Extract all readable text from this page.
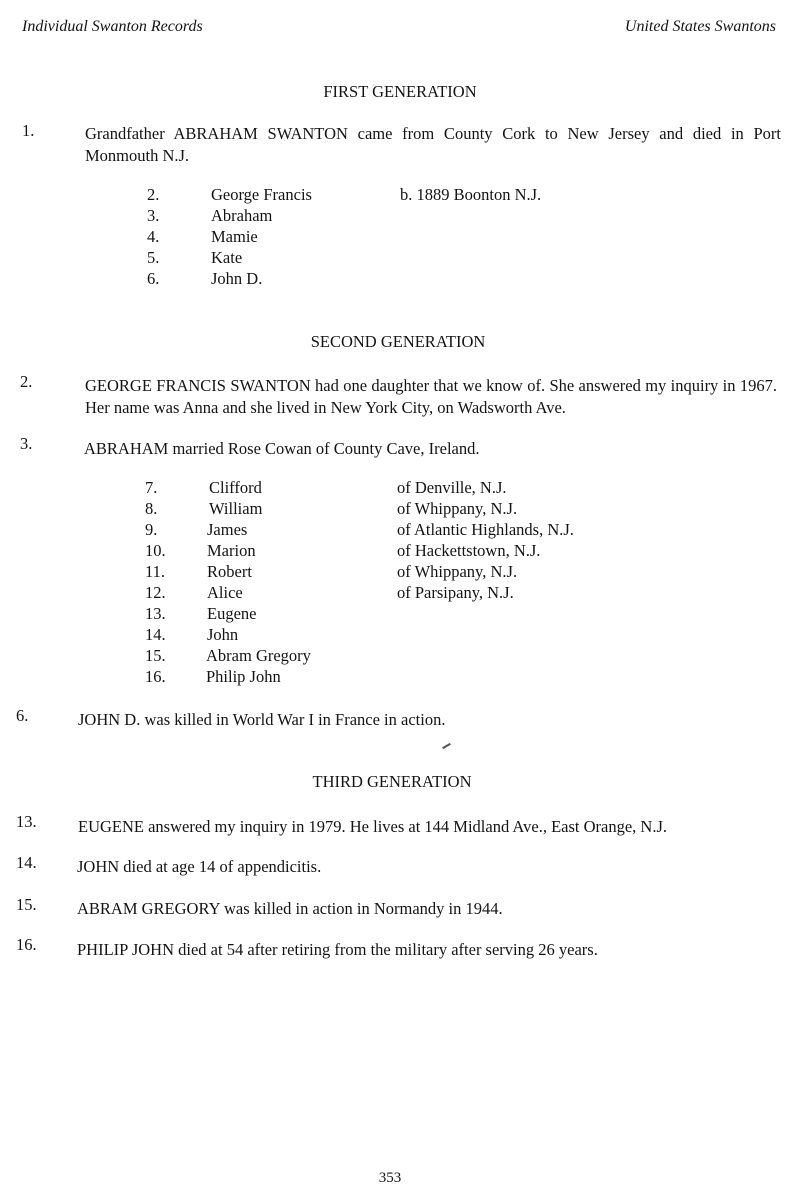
Individual Swanton Records	United States Swantons
FIRST GENERATION
1.	Grandfather ABRAHAM SWANTON came from County Cork to New Jersey and died in Port Monmouth N.J.
2.	George Francis	b. 1889 Boonton N.J.
3.	Abraham
4.	Mamie
5.	Kate
6.	John D.
SECOND GENERATION
2.	GEORGE FRANCIS SWANTON had one daughter that we know of. She answered my inquiry in 1967. Her name was Anna and she lived in New York City, on Wadsworth Ave.
3.	ABRAHAM married Rose Cowan of County Cave, Ireland.
7.	Clifford	of Denville, N.J.
8.	William	of Whippany, N.J.
9.	James	of Atlantic Highlands, N.J.
10.	Marion	of Hackettstown, N.J.
11.	Robert	of Whippany, N.J.
12.	Alice	of Parsipany, N.J.
13.	Eugene
14.	John
15. Abram Gregory
16. Philip John
6.	JOHN D. was killed in World War I in France in action.
THIRD GENERATION
13.	EUGENE answered my inquiry in 1979. He lives at 144 Midland Ave., East Orange, N.J.
14. JOHN died at age 14 of appendicitis.
15. ABRAM GREGORY was killed in action in Normandy in 1944.
16. PHILIP JOHN died at 54 after retiring from the military after serving 26 years.
353
